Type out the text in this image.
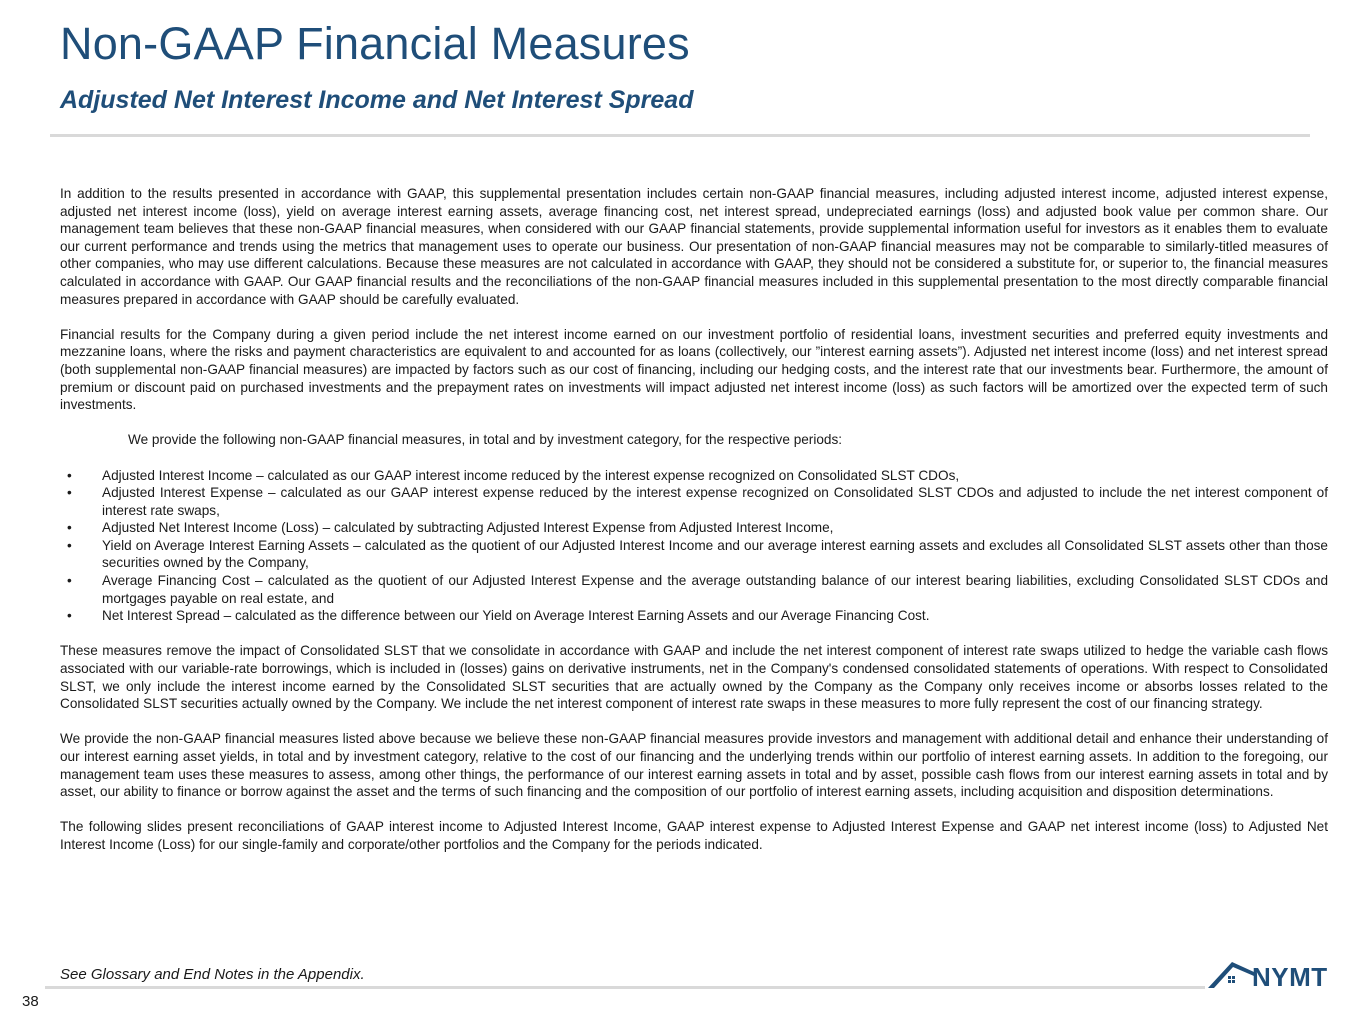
Non-GAAP Financial Measures
Adjusted Net Interest Income and Net Interest Spread

In addition to the results presented in accordance with GAAP, this supplemental presentation includes certain non-GAAP financial measures, including adjusted interest income, adjusted interest expense, adjusted net interest income (loss), yield on average interest earning assets, average financing cost, net interest spread, undepreciated earnings (loss) and adjusted book value per common share. Our management team believes that these non-GAAP financial measures, when considered with our GAAP financial statements, provide supplemental information useful for investors as it enables them to evaluate our current performance and trends using the metrics that management uses to operate our business. Our presentation of non-GAAP financial measures may not be comparable to similarly-titled measures of other companies, who may use different calculations. Because these measures are not calculated in accordance with GAAP, they should not be considered a substitute for, or superior to, the financial measures calculated in accordance with GAAP. Our GAAP financial results and the reconciliations of the non-GAAP financial measures included in this supplemental presentation to the most directly comparable financial measures prepared in accordance with GAAP should be carefully evaluated.

Financial results for the Company during a given period include the net interest income earned on our investment portfolio of residential loans, investment securities and preferred equity investments and mezzanine loans, where the risks and payment characteristics are equivalent to and accounted for as loans (collectively, our ”interest earning assets”). Adjusted net interest income (loss) and net interest spread (both supplemental non-GAAP financial measures) are impacted by factors such as our cost of financing, including our hedging costs, and the interest rate that our investments bear. Furthermore, the amount of premium or discount paid on purchased investments and the prepayment rates on investments will impact adjusted net interest income (loss) as such factors will be amortized over the expected term of such investments.

We provide the following non-GAAP financial measures, in total and by investment category, for the respective periods:

• Adjusted Interest Income – calculated as our GAAP interest income reduced by the interest expense recognized on Consolidated SLST CDOs,
• Adjusted Interest Expense – calculated as our GAAP interest expense reduced by the interest expense recognized on Consolidated SLST CDOs and adjusted to include the net interest component of interest rate swaps,
• Adjusted Net Interest Income (Loss) – calculated by subtracting Adjusted Interest Expense from Adjusted Interest Income,
• Yield on Average Interest Earning Assets – calculated as the quotient of our Adjusted Interest Income and our average interest earning assets and excludes all Consolidated SLST assets other than those securities owned by the Company,
• Average Financing Cost – calculated as the quotient of our Adjusted Interest Expense and the average outstanding balance of our interest bearing liabilities, excluding Consolidated SLST CDOs and mortgages payable on real estate, and
• Net Interest Spread – calculated as the difference between our Yield on Average Interest Earning Assets and our Average Financing Cost.

These measures remove the impact of Consolidated SLST that we consolidate in accordance with GAAP and include the net interest component of interest rate swaps utilized to hedge the variable cash flows associated with our variable-rate borrowings, which is included in (losses) gains on derivative instruments, net in the Company's condensed consolidated statements of operations. With respect to Consolidated SLST, we only include the interest income earned by the Consolidated SLST securities that are actually owned by the Company as the Company only receives income or absorbs losses related to the Consolidated SLST securities actually owned by the Company. We include the net interest component of interest rate swaps in these measures to more fully represent the cost of our financing strategy.

We provide the non-GAAP financial measures listed above because we believe these non-GAAP financial measures provide investors and management with additional detail and enhance their understanding of our interest earning asset yields, in total and by investment category, relative to the cost of our financing and the underlying trends within our portfolio of interest earning assets. In addition to the foregoing, our management team uses these measures to assess, among other things, the performance of our interest earning assets in total and by asset, possible cash flows from our interest earning assets in total and by asset, our ability to finance or borrow against the asset and the terms of such financing and the composition of our portfolio of interest earning assets, including acquisition and disposition determinations.

The following slides present reconciliations of GAAP interest income to Adjusted Interest Income, GAAP interest expense to Adjusted Interest Expense and GAAP net interest income (loss) to Adjusted Net Interest Income (Loss) for our single-family and corporate/other portfolios and the Company for the periods indicated.

See Glossary and End Notes in the Appendix.
38
NYMT
